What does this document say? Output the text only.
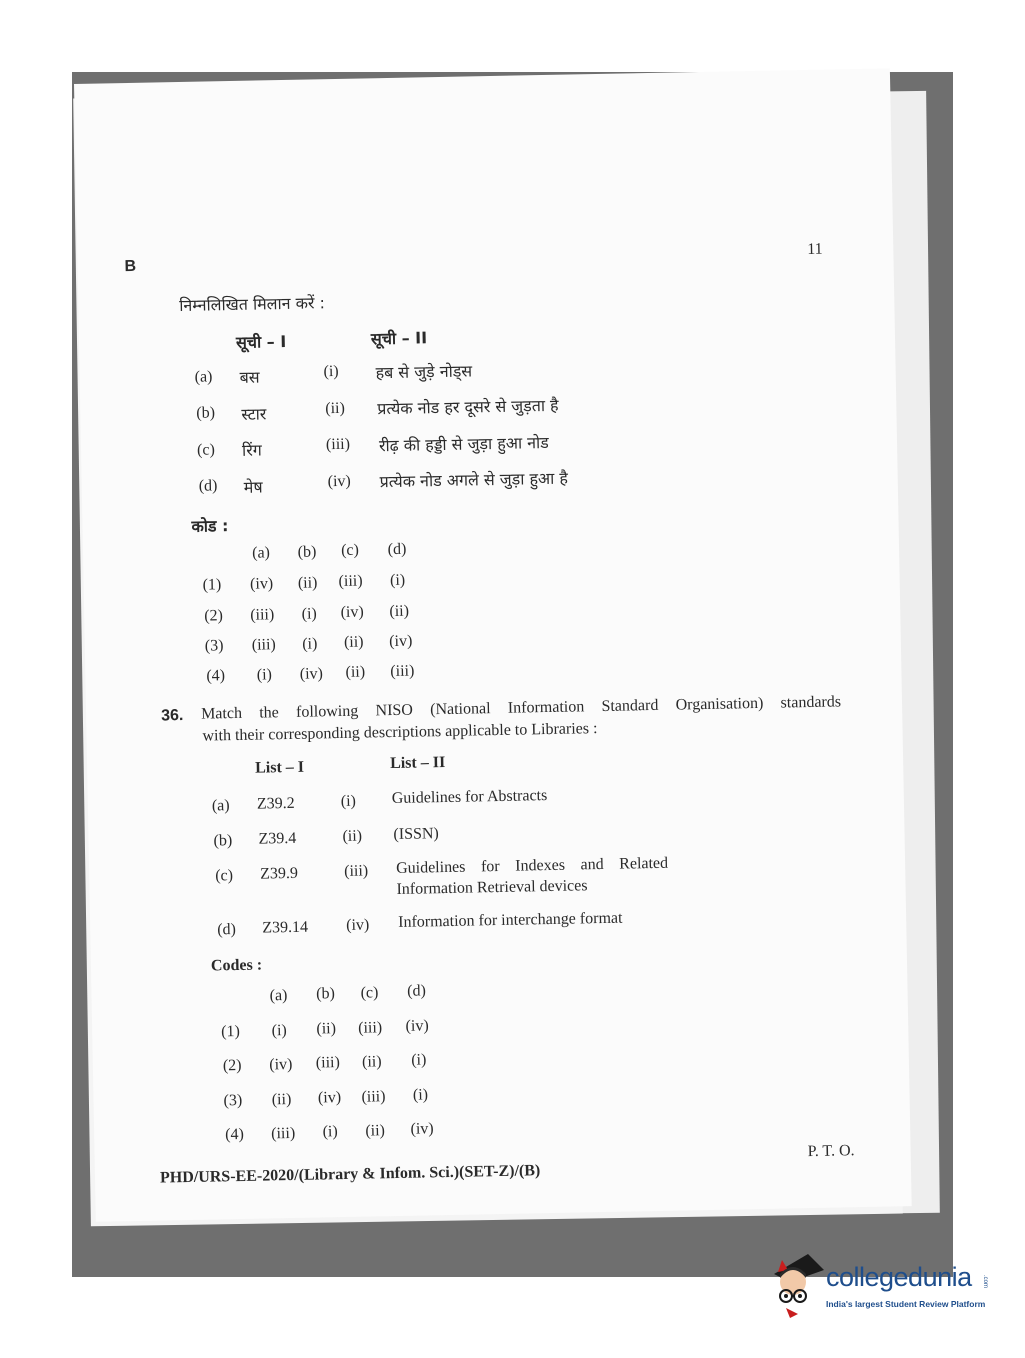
B
11
निम्नलिखित मिलान करें :
सूची – I	सूची – II
(a) बस	(i) हब से जुड़े नोड्स
(b) स्टार	(ii) प्रत्येक नोड हर दूसरे से जुड़ता है
(c) रिंग	(iii) रीढ़ की हड्डी से जुड़ा हुआ नोड
(d) मेष	(iv) प्रत्येक नोड अगले से जुड़ा हुआ है
कोड :
(a) (b) (c) (d)
(1) (iv) (ii) (iii) (i)
(2) (iii) (i) (iv) (ii)
(3) (iii) (i) (ii) (iv)
(4) (i) (iv) (ii) (iii)
36. Match the following NISO (National Information Standard Organisation) standards
with their corresponding descriptions applicable to Libraries :
List – I	List – II
(a) Z39.2	(i) Guidelines for Abstracts
(b) Z39.4	(ii) (ISSN)
(c) Z39.9	(iii) Guidelines for Indexes and Related
Information Retrieval devices
(d) Z39.14 (iv) Information for interchange format
Codes :
(a) (b) (c) (d)
(1) (i) (ii) (iii) (iv)
(2) (iv) (iii) (ii) (i)
(3) (ii) (iv) (iii) (i)
(4) (iii) (i) (ii) (iv)
PHD/URS-EE-2020/(Library & Infom. Sci.)(SET-Z)/(B)
P. T. O.
collegedunia .com
India's largest Student Review Platform
